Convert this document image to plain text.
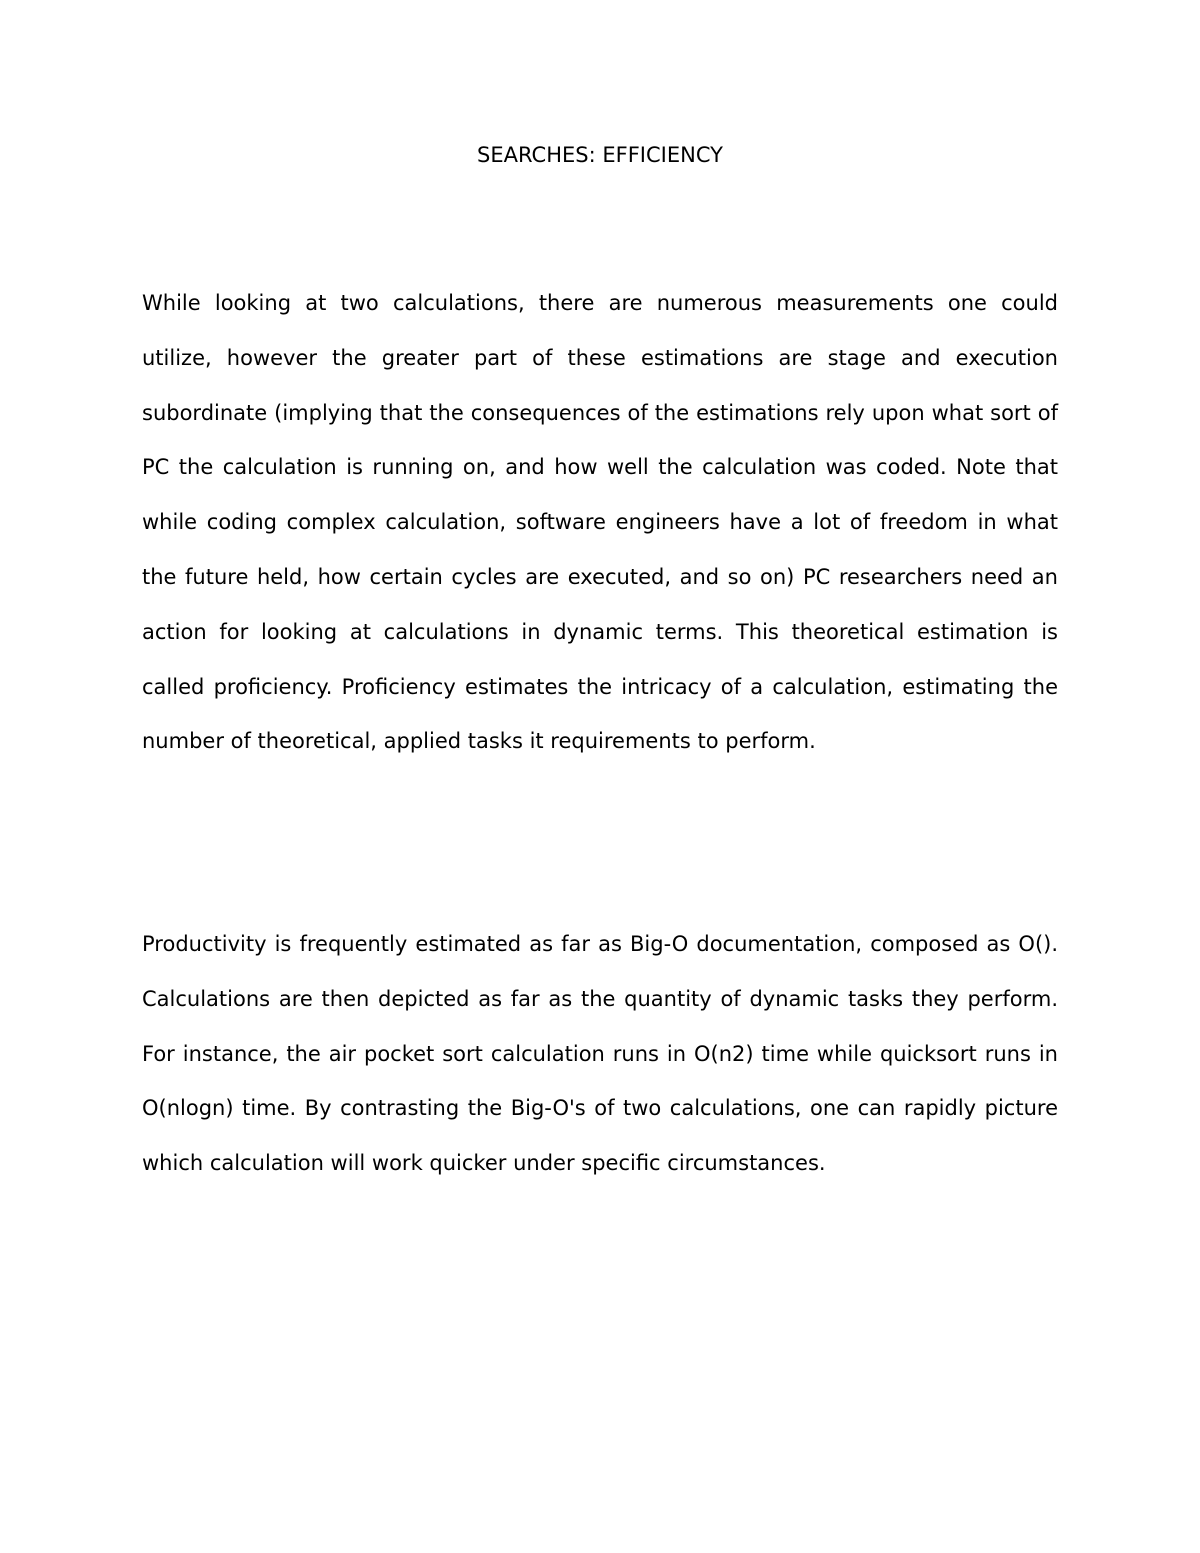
SEARCHES: EFFICIENCY

While looking at two calculations, there are numerous measurements one could utilize, however the greater part of these estimations are stage and execution subordinate (implying that the consequences of the estimations rely upon what sort of PC the calculation is running on, and how well the calculation was coded. Note that while coding complex calculation, software engineers have a lot of freedom in what the future held, how certain cycles are executed, and so on) PC researchers need an action for looking at calculations in dynamic terms. This theoretical estimation is called proficiency. Proficiency estimates the intricacy of a calculation, estimating the number of theoretical, applied tasks it requirements to perform.

Productivity is frequently estimated as far as Big-O documentation, composed as O(). Calculations are then depicted as far as the quantity of dynamic tasks they perform. For instance, the air pocket sort calculation runs in O(n2) time while quicksort runs in O(nlogn) time. By contrasting the Big-O's of two calculations, one can rapidly picture which calculation will work quicker under specific circumstances.
